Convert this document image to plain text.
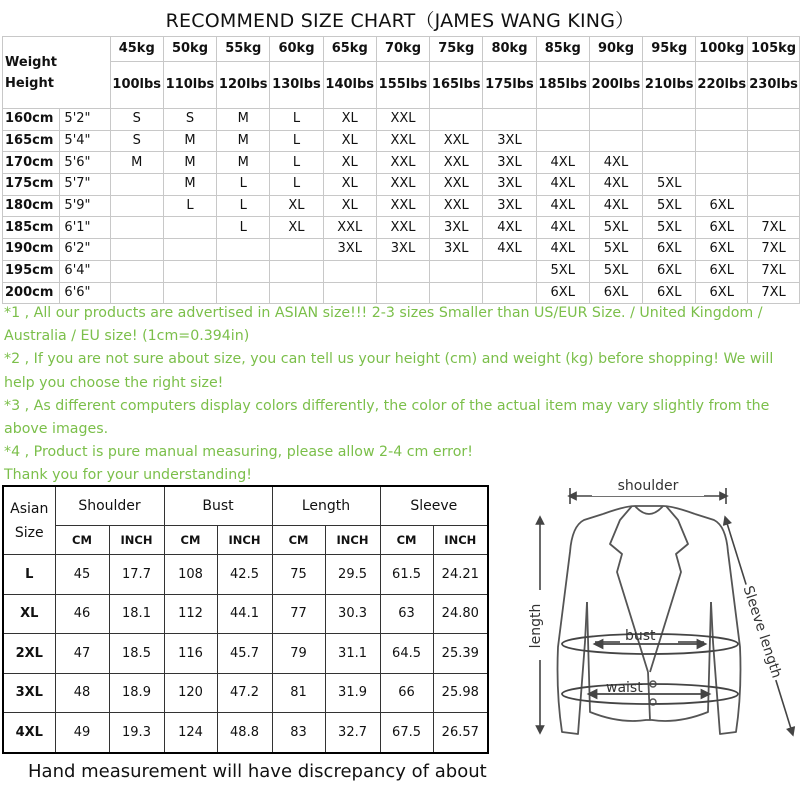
RECOMMEND SIZE CHART（JAMES WANG KING）
Weight Height		45kg	50kg	55kg	60kg	65kg	70kg	75kg	80kg	85kg	90kg	95kg	100kg	105kg
		100lbs	110lbs	120lbs	130lbs	140lbs	155lbs	165lbs	175lbs	185lbs	200lbs	210lbs	220lbs	230lbs
160cm	5'2"	S	S	M	L	XL	XXL							
165cm	5'4"	S	M	M	L	XL	XXL	XXL	3XL					
170cm	5'6"	M	M	M	L	XL	XXL	XXL	3XL	4XL	4XL			
175cm	5'7"		M	L	L	XL	XXL	XXL	3XL	4XL	4XL	5XL		
180cm	5'9"		L	L	XL	XL	XXL	XXL	3XL	4XL	4XL	5XL	6XL	
185cm	6'1"			L	XL	XXL	XXL	3XL	4XL	4XL	5XL	5XL	6XL	7XL
190cm	6'2"					3XL	3XL	3XL	4XL	4XL	5XL	6XL	6XL	7XL
195cm	6'4"									5XL	5XL	6XL	6XL	7XL
200cm	6'6"									6XL	6XL	6XL	6XL	7XL

*1 , All our products are advertised in ASIAN size!!! 2-3 sizes Smaller than US/EUR Size. / United Kingdom / Australia / EU size! (1cm=0.394in)

*2 , If you are not sure about size, you can tell us your height (cm) and weight (kg) before shopping! We will help you choose the right size!

*3 , As different computers display colors differently, the color of the actual item may vary slightly from the above images.

*4 , Product is pure manual measuring, please allow 2-4 cm error!

Thank you for your understanding!

Asian
Size	Shoulder		Bust		Length		Sleeve	
	CM	INCH	CM	INCH	CM	INCH	CM	INCH
L	45	17.7	108	42.5	75	29.5	61.5	24.21
XL	46	18.1	112	44.1	77	30.3	63	24.80
2XL	47	18.5	116	45.7	79	31.1	64.5	25.39
3XL	48	18.9	120	47.2	81	31.9	66	25.98
4XL	49	19.3	124	48.8	83	32.7	67.5	26.57
shoulder
length	bust
waist
Sleeve length
Hand measurement will have discrepancy of about
